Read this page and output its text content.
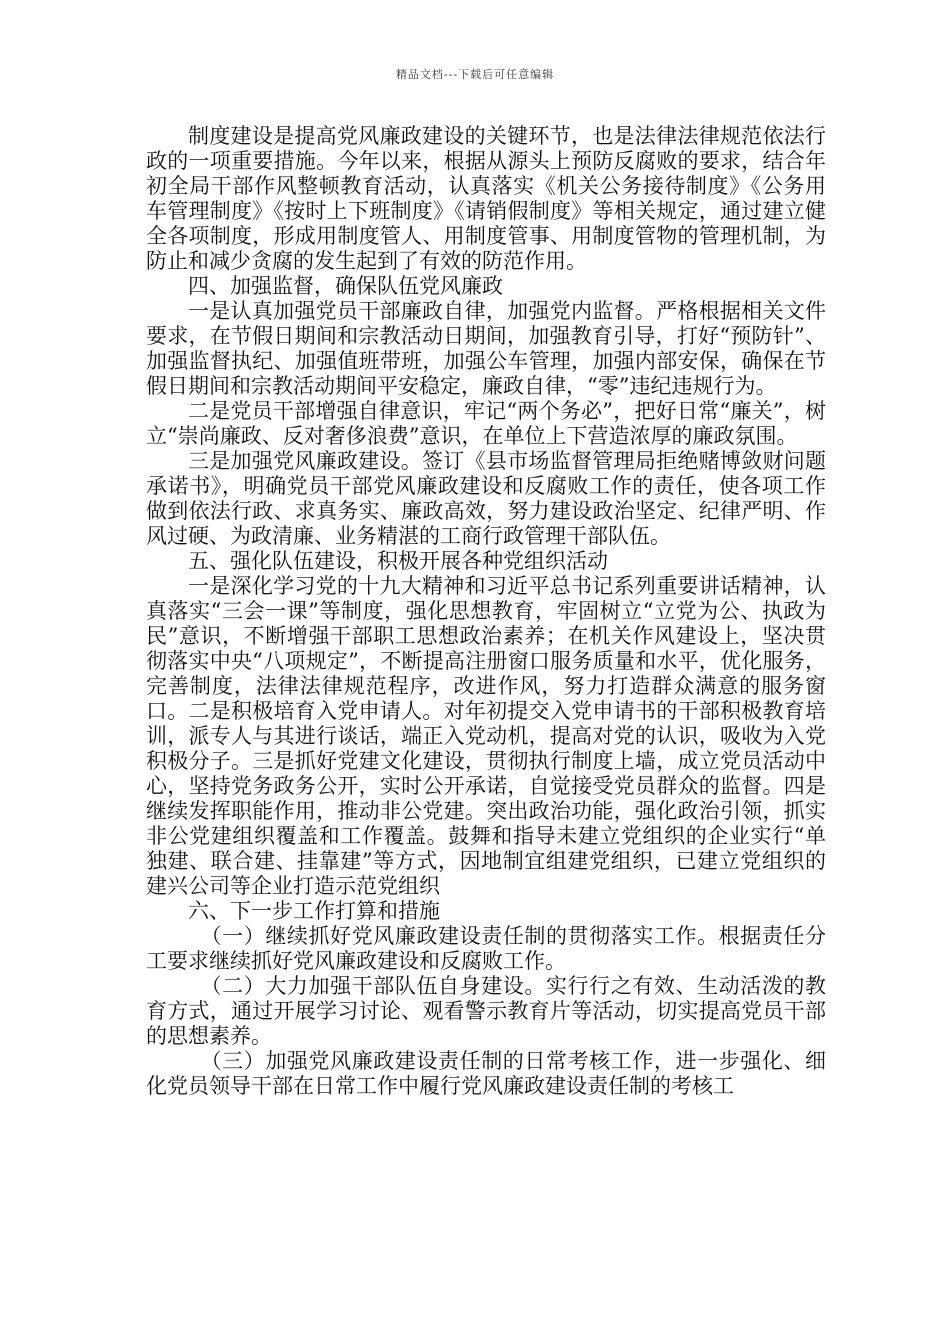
精品文档---下载后可任意编辑

制度建设是提高党风廉政建设的关键环节，也是法律法律规范依法行政的一项重要措施。今年以来，根据从源头上预防反腐败的要求，结合年初全局干部作风整顿教育活动，认真落实《机关公务接待制度》《公务用车管理制度》《按时上下班制度》《请销假制度》等相关规定，通过建立健全各项制度，形成用制度管人、用制度管事、用制度管物的管理机制，为防止和减少贪腐的发生起到了有效的防范作用。

四、加强监督，确保队伍党风廉政

一是认真加强党员干部廉政自律，加强党内监督。严格根据相关文件要求，在节假日期间和宗教活动日期间，加强教育引导，打好“预防针”、加强监督执纪、加强值班带班，加强公车管理，加强内部安保，确保在节假日期间和宗教活动期间平安稳定，廉政自律，“零”违纪违规行为。

二是党员干部增强自律意识，牢记“两个务必”，把好日常“廉关”，树立“崇尚廉政、反对奢侈浪费”意识，在单位上下营造浓厚的廉政氛围。

三是加强党风廉政建设。签订《县市场监督管理局拒绝赌博敛财问题承诺书》，明确党员干部党风廉政建设和反腐败工作的责任，使各项工作做到依法行政、求真务实、廉政高效，努力建设政治坚定、纪律严明、作风过硬、为政清廉、业务精湛的工商行政管理干部队伍。

五、强化队伍建设，积极开展各种党组织活动

一是深化学习党的十九大精神和习近平总书记系列重要讲话精神，认真落实“三会一课”等制度，强化思想教育，牢固树立“立党为公、执政为民”意识，不断增强干部职工思想政治素养；在机关作风建设上，坚决贯彻落实中央“八项规定”，不断提高注册窗口服务质量和水平，优化服务，完善制度，法律法律规范程序，改进作风，努力打造群众满意的服务窗口。二是积极培育入党申请人。对年初提交入党申请书的干部积极教育培训，派专人与其进行谈话，端正入党动机，提高对党的认识，吸收为入党积极分子。三是抓好党建文化建设，贯彻执行制度上墙，成立党员活动中心，坚持党务政务公开，实时公开承诺，自觉接受党员群众的监督。四是继续发挥职能作用，推动非公党建。突出政治功能，强化政治引领，抓实非公党建组织覆盖和工作覆盖。鼓舞和指导未建立党组织的企业实行“单独建、联合建、挂靠建”等方式，因地制宜组建党组织，已建立党组织的建兴公司等企业打造示范党组织

六、下一步工作打算和措施

（一）继续抓好党风廉政建设责任制的贯彻落实工作。根据责任分工要求继续抓好党风廉政建设和反腐败工作。

（二）大力加强干部队伍自身建设。实行行之有效、生动活泼的教育方式，通过开展学习讨论、观看警示教育片等活动，切实提高党员干部的思想素养。

（三）加强党风廉政建设责任制的日常考核工作，进一步强化、细化党员领导干部在日常工作中履行党风廉政建设责任制的考核工
